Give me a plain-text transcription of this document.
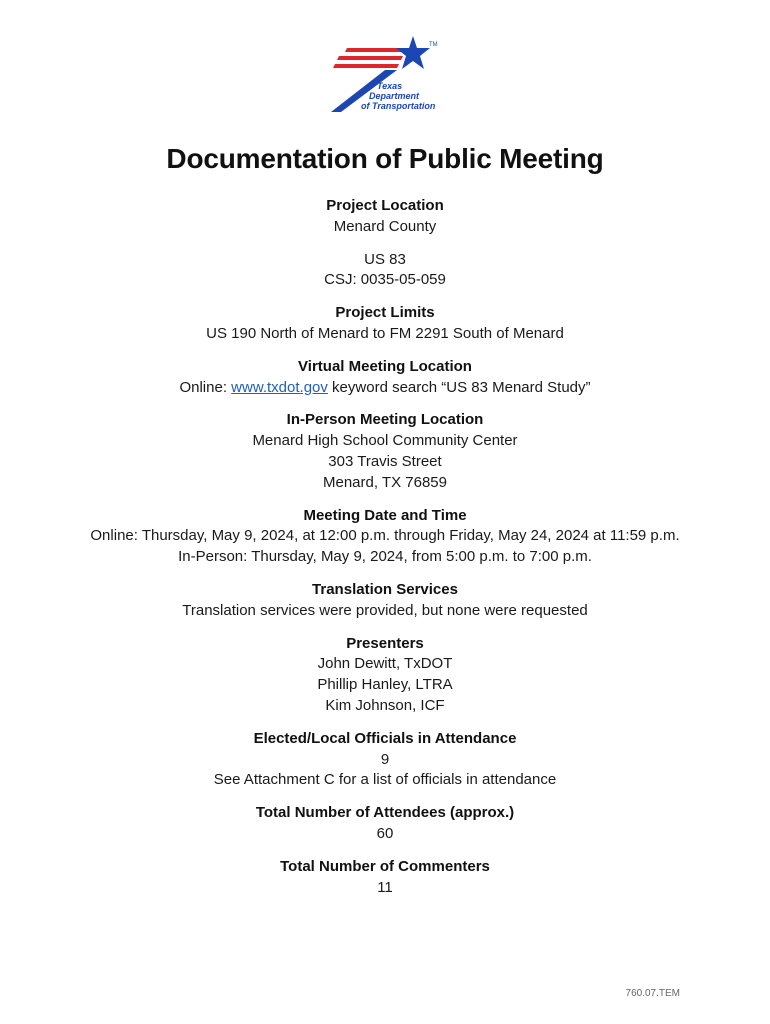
TM
Texas
Department
of Transportation
Documentation of Public Meeting
Project Location
Menard County
US 83
CSJ: 0035-05-059
Project Limits
US 190 North of Menard to FM 2291 South of Menard
Virtual Meeting Location
Online: www.txdot.gov keyword search “US 83 Menard Study”
In-Person Meeting Location
Menard High School Community Center
303 Travis Street
Menard, TX 76859
Meeting Date and Time
Online: Thursday, May 9, 2024, at 12:00 p.m. through Friday, May 24, 2024 at 11:59 p.m.
In-Person: Thursday, May 9, 2024, from 5:00 p.m. to 7:00 p.m.
Translation Services
Translation services were provided, but none were requested
Presenters
John Dewitt, TxDOT
Phillip Hanley, LTRA
Kim Johnson, ICF
Elected/Local Officials in Attendance
9
See Attachment C for a list of officials in attendance
Total Number of Attendees (approx.)
60
Total Number of Commenters
11
760.07.TEM
